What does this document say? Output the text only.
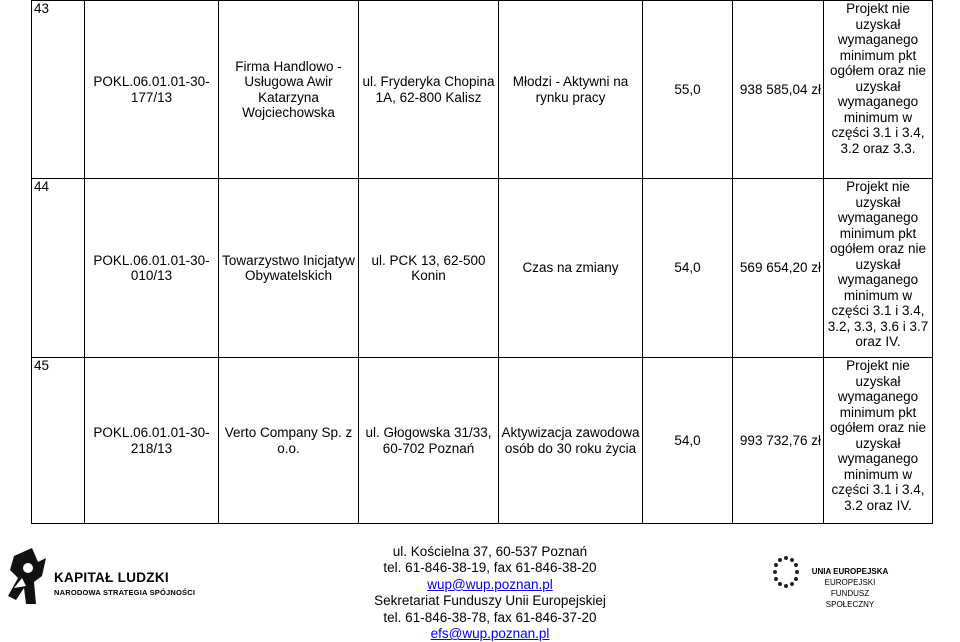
43	POKL.06.01.01-30-177/13	Firma Handlowo - Usługowa Awir Katarzyna Wojciechowska	ul. Fryderyka Chopina 1A, 62-800 Kalisz	Młodzi - Aktywni na rynku pracy	55,0	938 585,04 zł	Projekt nie uzyskał wymaganego minimum pkt ogółem oraz nie uzyskał wymaganego minimum w części 3.1 i 3.4, 3.2 oraz 3.3.
44	POKL.06.01.01-30-010/13	Towarzystwo Inicjatyw Obywatelskich	ul. PCK 13, 62-500 Konin	Czas na zmiany	54,0	569 654,20 zł	Projekt nie uzyskał wymaganego minimum pkt ogółem oraz nie uzyskał wymaganego minimum w części 3.1 i 3.4, 3.2, 3.3, 3.6 i 3.7 oraz IV.
45	POKL.06.01.01-30-218/13	Verto Company Sp. z o.o.	ul. Głogowska 31/33, 60-702 Poznań	Aktywizacja zawodowa osób do 30 roku życia	54,0	993 732,76 zł	Projekt nie uzyskał wymaganego minimum pkt ogółem oraz nie uzyskał wymaganego minimum w części 3.1 i 3.4, 3.2 oraz IV.
KAPITAŁ LUDZKI
NARODOWA STRATEGIA SPÓJNOŚCI
ul. Kościelna 37, 60-537 Poznań
tel. 61-846-38-19, fax 61-846-38-20
wup@wup.poznan.pl
Sekretariat Funduszy Unii Europejskiej
tel. 61-846-38-78, fax 61-846-37-20
efs@wup.poznan.pl
UNIA EUROPEJSKA
EUROPEJSKI
FUNDUSZ SPOŁECZNY
